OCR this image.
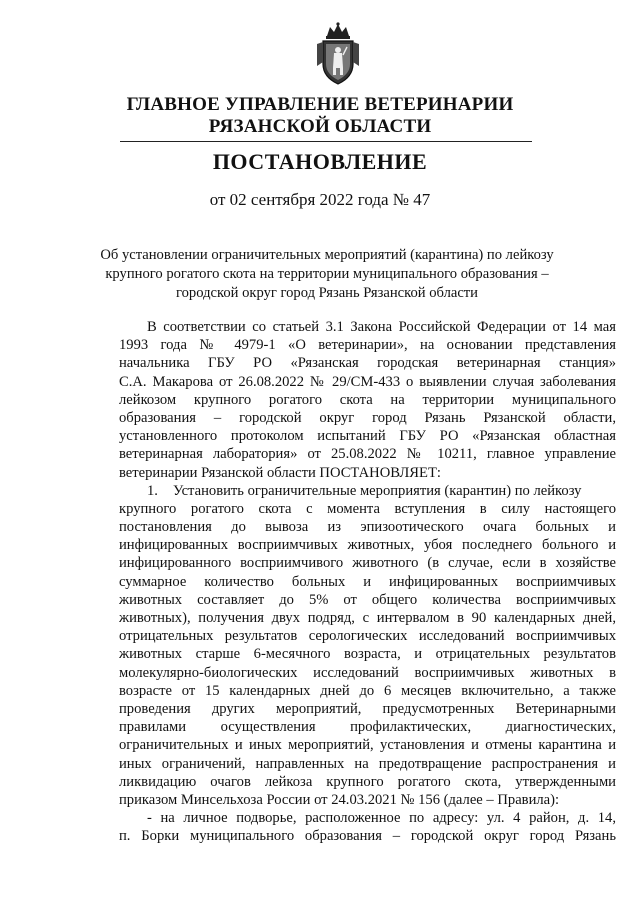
ГЛАВНОЕ УПРАВЛЕНИЕ ВЕТЕРИНАРИИ
РЯЗАНСКОЙ ОБЛАСТИ
ПОСТАНОВЛЕНИЕ
от 02 сентября 2022 года № 47
Об установлении ограничительных мероприятий (карантина) по лейкозу
крупного рогатого скота на территории муниципального образования –
городской округ город Рязань Рязанской области
В соответствии со статьей 3.1 Закона Российской Федерации от 14 мая
1993 года № 4979-1 «О ветеринарии», на основании представления
начальника ГБУ РО «Рязанская городская ветеринарная станция»
С.А. Макарова от 26.08.2022 № 29/СМ-433 о выявлении случая заболевания
лейкозом крупного рогатого скота на территории муниципального
образования – городской округ город Рязань Рязанской области,
установленного протоколом испытаний ГБУ РО «Рязанская областная
ветеринарная лаборатория» от 25.08.2022 № 10211, главное управление
ветеринарии Рязанской области ПОСТАНОВЛЯЕТ:
1. Установить ограничительные мероприятия (карантин) по лейкозу
крупного рогатого скота с момента вступления в силу настоящего
постановления до вывоза из эпизоотического очага больных и
инфицированных восприимчивых животных, убоя последнего больного и
инфицированного восприимчивого животного (в случае, если в хозяйстве
суммарное количество больных и инфицированных восприимчивых
животных составляет до 5% от общего количества восприимчивых
животных), получения двух подряд, с интервалом в 90 календарных дней,
отрицательных результатов серологических исследований восприимчивых
животных старше 6-месячного возраста, и отрицательных результатов
молекулярно-биологических исследований восприимчивых животных в
возрасте от 15 календарных дней до 6 месяцев включительно, а также
проведения других мероприятий, предусмотренных Ветеринарными
правилами осуществления профилактических, диагностических,
ограничительных и иных мероприятий, установления и отмены карантина и
иных ограничений, направленных на предотвращение распространения и
ликвидацию очагов лейкоза крупного рогатого скота, утвержденными
приказом Минсельхоза России от 24.03.2021 № 156 (далее – Правила):
- на личное подворье, расположенное по адресу: ул. 4 район, д. 14,
п. Борки муниципального образования – городской округ город Рязань
